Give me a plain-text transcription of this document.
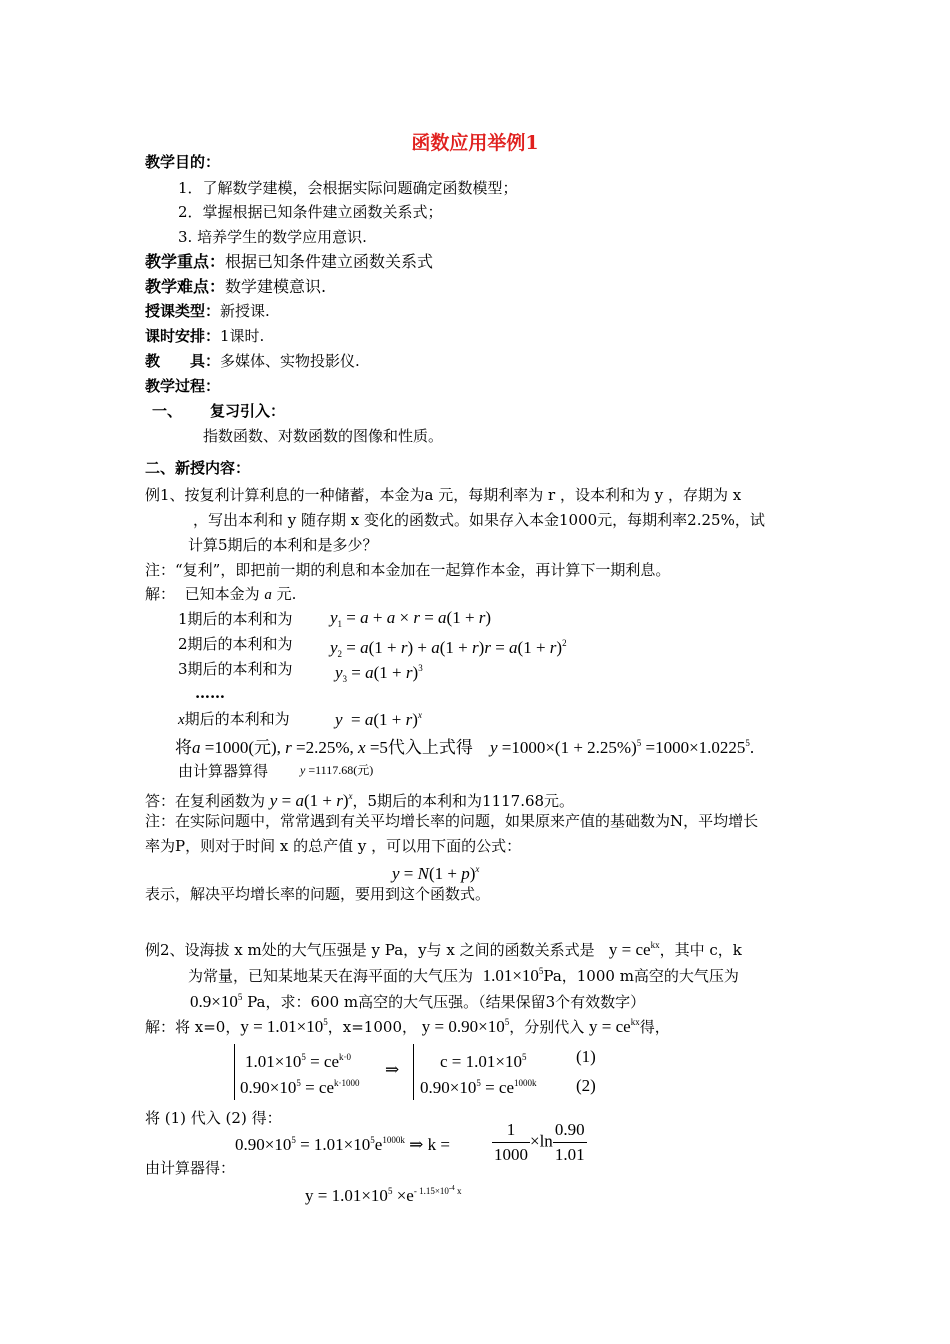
函数应用举例1
教学目的：
1．了解数学建模，会根据实际问题确定函数模型；
2．掌握根据已知条件建立函数关系式；
3. 培养学生的数学应用意识.
教学重点：根据已知条件建立函数关系式
教学难点：数学建模意识.
授课类型：新授课.
课时安排：1课时.
教　　具：多媒体、实物投影仪.
教学过程：
一、 复习引入：
指数函数、对数函数的图像和性质。
二、新授内容：
例1、按复利计算利息的一种储蓄，本金为a 元，每期利率为 r ，设本利和为 y ，存期为 x
，写出本利和 y 随存期 x 变化的函数式。如果存入本金1000元，每期利率2.25%，试
计算5期后的本利和是多少？
注：“复利”，即把前一期的利息和本金加在一起算作本金，再计算下一期利息。
解： 已知本金为 a 元.
1期后的本利和为 $y_1 = a + a \times r = a(1 + r)$
2期后的本利和为 $y_2 = a(1 + r) + a(1 + r)r = a(1 + r)^2$
3期后的本利和为 $y_3 = a(1 + r)^3$
……
x期后的本利和为	$y = a(1 + r)^x$
将a =1000(元), r =2.25%, x =5代入上式得    $y =1000\times(1 + 2.25\%)^5 =1000\times 1.0225^5$.
由计算器算得	y =1117.68(元)
答：在复利函数为 $y = a(1 + r)^x$，5期后的本利和为1117.68元。
注：在实际问题中，常常遇到有关平均增长率的问题，如果原来产值的基础数为N，平均增长
率为P，则对于时间 x 的总产值 y ，可以用下面的公式：
$y = N(1 + p)^x$
表示，解决平均增长率的问题，要用到这个函数式。
例2、设海拔 x m处的大气压强是 y Pa，y与 x 之间的函数关系式是 $y = ce^{kx}$，其中 c，k
为常量，已知某地某天在海平面的大气压为 $1.01\times 10^5Pa$，1000 m高空的大气压为
$0.9\times 10^5$ Pa，求：600 m高空的大气压强。（结果保留3个有效数字）
解：将 x=0，$y = 1.01\times 10^5$，x=1000， $y = 0.90\times 10^5$，分别代入 $y = ce^{kx}$得，
$1.01\times 10^5 = ce^{k\cdot 0}$
$0.90\times 10^5 = ce^{k\cdot 1000}$
⇒ $c = 1.01\times 10^5$
$0.90\times 10^5 = ce^{1000k}$
(1)
(2)
将 (1) 代入 (2) 得：
$0.90\times 10^5 = 1.01\times 10^5e^{1000k}$ ⇒ $k = \frac{1}{1000} \times\ln \frac{0.90}{1.01}$
由计算器得：
$y = 1.01\times 10^5 \times e^{- 1.15\times 10^{-4} x}$
